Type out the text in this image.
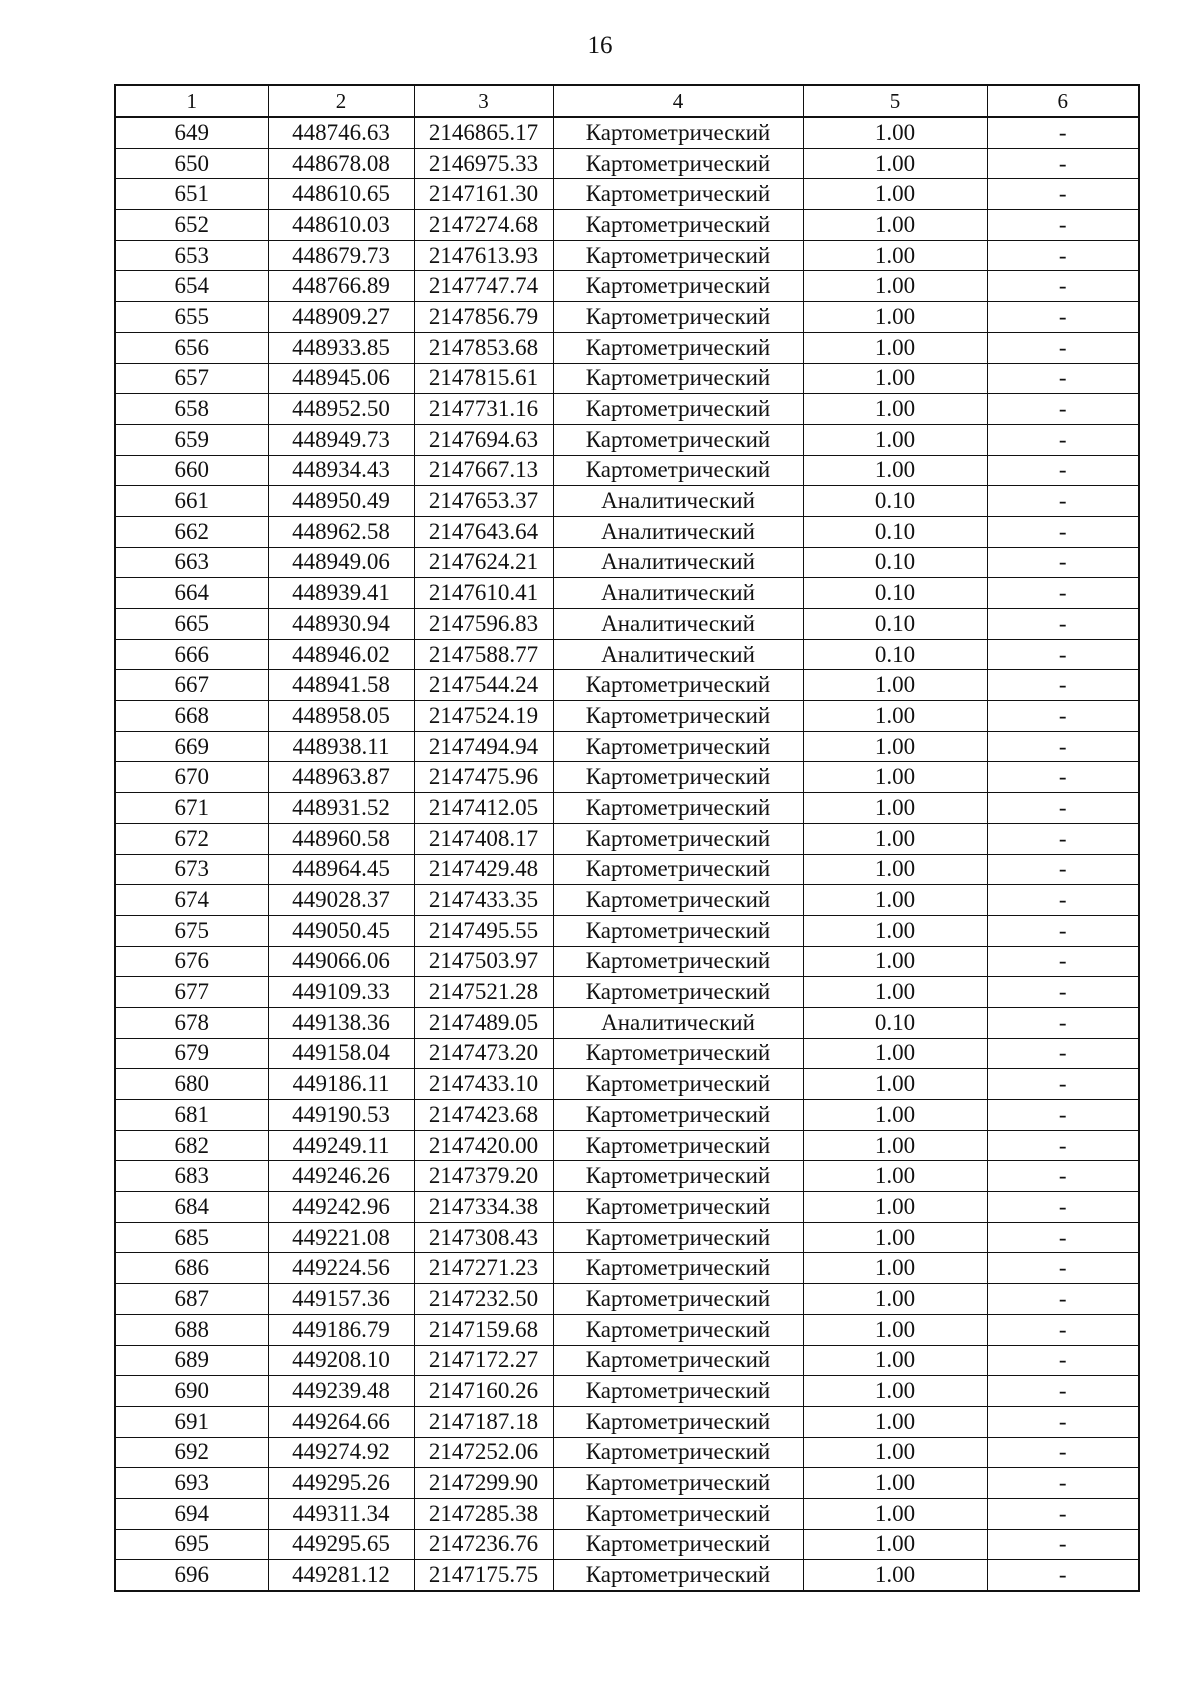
16
1	2	3	4	5	6
649	448746.63	2146865.17	Картометрический	1.00	-
650	448678.08	2146975.33	Картометрический	1.00	-
651	448610.65	2147161.30	Картометрический	1.00	-
652	448610.03	2147274.68	Картометрический	1.00	-
653	448679.73	2147613.93	Картометрический	1.00	-
654	448766.89	2147747.74	Картометрический	1.00	-
655	448909.27	2147856.79	Картометрический	1.00	-
656	448933.85	2147853.68	Картометрический	1.00	-
657	448945.06	2147815.61	Картометрический	1.00	-
658	448952.50	2147731.16	Картометрический	1.00	-
659	448949.73	2147694.63	Картометрический	1.00	-
660	448934.43	2147667.13	Картометрический	1.00	-
661	448950.49	2147653.37	Аналитический	0.10	-
662	448962.58	2147643.64	Аналитический	0.10	-
663	448949.06	2147624.21	Аналитический	0.10	-
664	448939.41	2147610.41	Аналитический	0.10	-
665	448930.94	2147596.83	Аналитический	0.10	-
666	448946.02	2147588.77	Аналитический	0.10	-
667	448941.58	2147544.24	Картометрический	1.00	-
668	448958.05	2147524.19	Картометрический	1.00	-
669	448938.11	2147494.94	Картометрический	1.00	-
670	448963.87	2147475.96	Картометрический	1.00	-
671	448931.52	2147412.05	Картометрический	1.00	-
672	448960.58	2147408.17	Картометрический	1.00	-
673	448964.45	2147429.48	Картометрический	1.00	-
674	449028.37	2147433.35	Картометрический	1.00	-
675	449050.45	2147495.55	Картометрический	1.00	-
676	449066.06	2147503.97	Картометрический	1.00	-
677	449109.33	2147521.28	Картометрический	1.00	-
678	449138.36	2147489.05	Аналитический	0.10	-
679	449158.04	2147473.20	Картометрический	1.00	-
680	449186.11	2147433.10	Картометрический	1.00	-
681	449190.53	2147423.68	Картометрический	1.00	-
682	449249.11	2147420.00	Картометрический	1.00	-
683	449246.26	2147379.20	Картометрический	1.00	-
684	449242.96	2147334.38	Картометрический	1.00	-
685	449221.08	2147308.43	Картометрический	1.00	-
686	449224.56	2147271.23	Картометрический	1.00	-
687	449157.36	2147232.50	Картометрический	1.00	-
688	449186.79	2147159.68	Картометрический	1.00	-
689	449208.10	2147172.27	Картометрический	1.00	-
690	449239.48	2147160.26	Картометрический	1.00	-
691	449264.66	2147187.18	Картометрический	1.00	-
692	449274.92	2147252.06	Картометрический	1.00	-
693	449295.26	2147299.90	Картометрический	1.00	-
694	449311.34	2147285.38	Картометрический	1.00	-
695	449295.65	2147236.76	Картометрический	1.00	-
696	449281.12	2147175.75	Картометрический	1.00	-
